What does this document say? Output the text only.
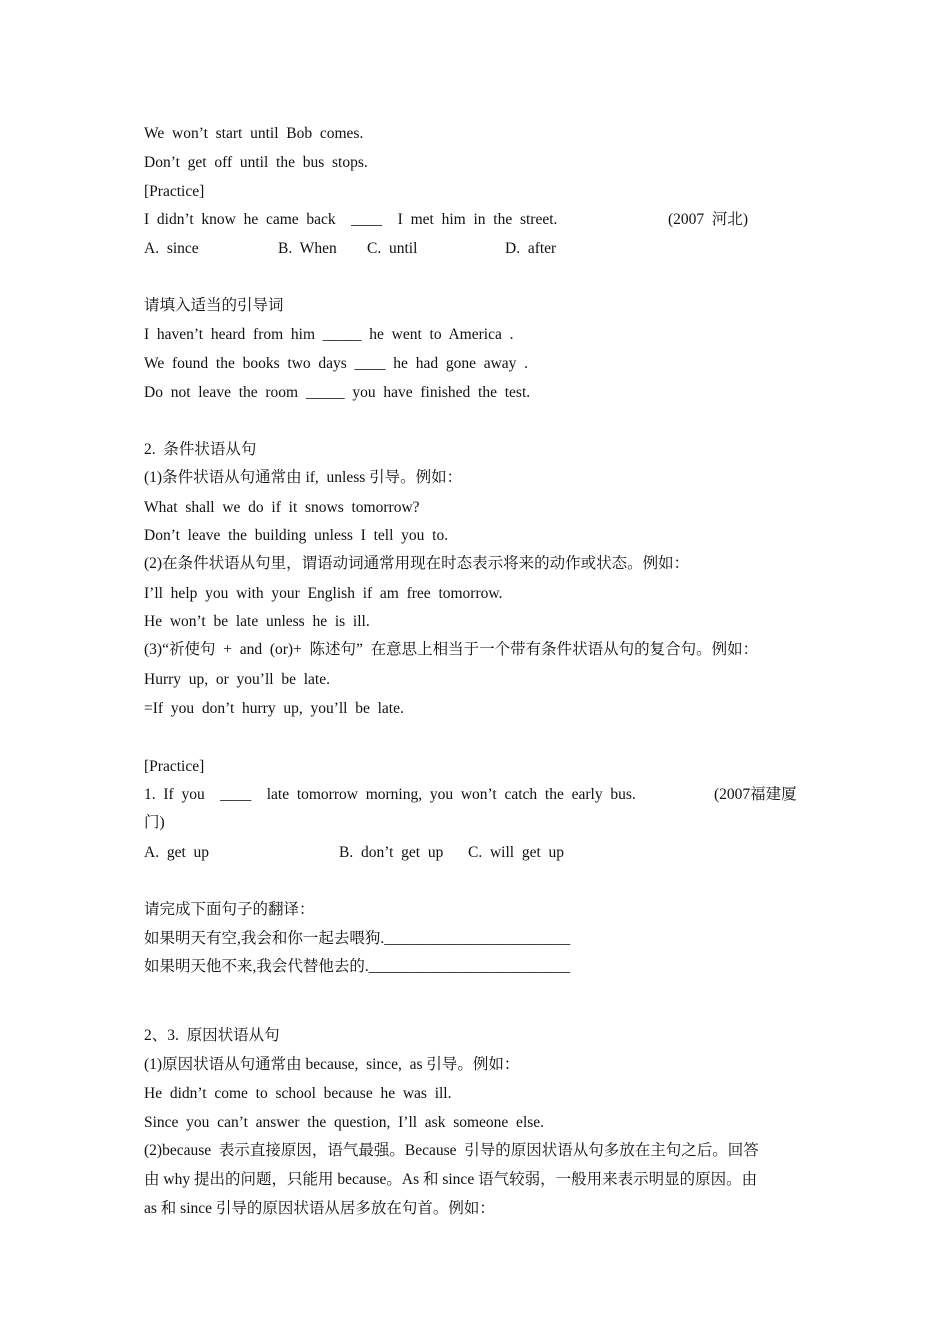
We  won’t  start  until  Bob  comes.
Don’t  get  off  until  the  bus  stops.
[Practice]
I  didn’t  know  he  came  back    ____    I  met  him  in  the  street.	(2007  河北)
A.  since	B.  When C.  until	D.  after
请填入适当的引导词
I  haven’t  heard  from  him  _____  he  went  to  America  .
We  found  the  books  two  days  ____  he  had  gone  away  .
Do  not  leave  the  room  _____  you  have  finished  the  test.
2.  条件状语从句
(1)条件状语从句通常由 if,  unless 引导。例如：
What  shall  we  do  if  it  snows  tomorrow?
Don’t  leave  the  building  unless  I  tell  you  to.
(2)在条件状语从句里，谓语动词通常用现在时态表示将来的动作或状态。例如：
I’ll  help  you  with  your  English  if  am  free  tomorrow.
He  won’t  be  late  unless  he  is  ill.
(3)“祈使句  +  and  (or)+  陈述句”  在意思上相当于一个带有条件状语从句的复合句。例如：
Hurry  up,  or  you’ll  be  late.
=If  you  don’t  hurry  up,  you’ll  be  late.
[Practice]
1.  If  you    ____    late  tomorrow  morning,  you  won’t  catch  the  early  bus.	(2007福建厦
门)
A.  get  up	B.  don’t  get  up C.  will  get  up
请完成下面句子的翻译：
如果明天有空,我会和你一起去喂狗.________________________
如果明天他不来,我会代替他去的.__________________________
2、3.  原因状语从句
(1)原因状语从句通常由 because,  since,  as 引导。例如：
He  didn’t  come  to  school  because  he  was  ill.
Since  you  can’t  answer  the  question,  I’ll  ask  someone  else.
(2)because  表示直接原因，语气最强。Because  引导的原因状语从句多放在主句之后。回答
由 why 提出的问题，只能用 because。As 和 since 语气较弱，一般用来表示明显的原因。由
as 和 since 引导的原因状语从居多放在句首。例如：
